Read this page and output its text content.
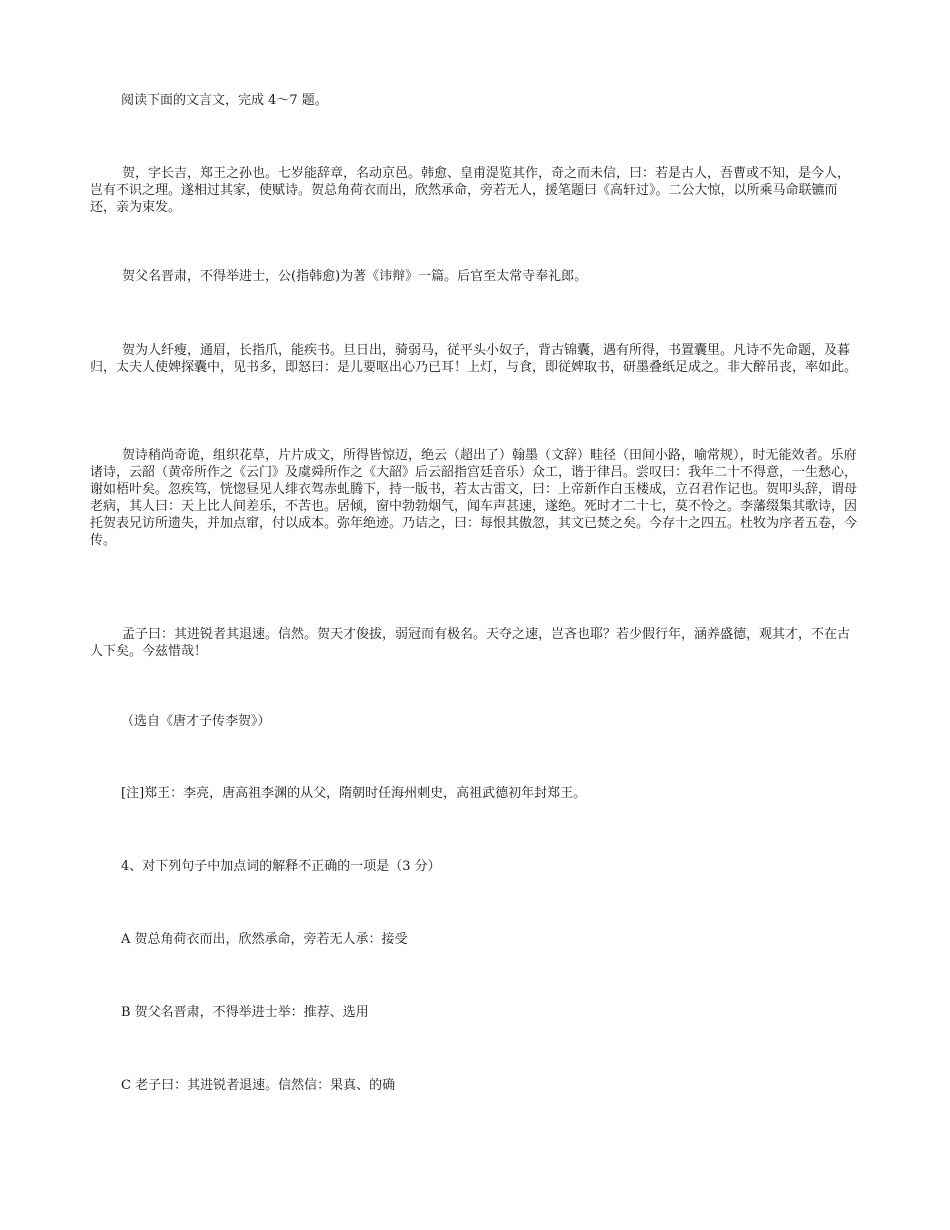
阅读下面的文言文，完成 4～7 题。

贺，字长吉，郑王之孙也。七岁能辞章，名动京邑。韩愈、皇甫湜览其作，奇之而未信，曰：若是古人，吾曹或不知，是今人，岂有不识之理。遂相过其家，使赋诗。贺总角荷衣而出，欣然承命，旁若无人，援笔题曰《高轩过》。二公大惊，以所乘马命联镳而还，亲为束发。

贺父名晋肃，不得举进士，公(指韩愈)为著《讳辩》一篇。后官至太常寺奉礼郎。

贺为人纤瘦，通眉，长指爪，能疾书。旦日出，骑弱马，従平头小奴子，背古锦囊，遇有所得，书置囊里。凡诗不先命题，及暮归，太夫人使婢探囊中，见书多，即怒曰：是儿要呕出心乃已耳！上灯，与食，即従婢取书，研墨叠纸足成之。非大醉吊丧，率如此。

贺诗稍尚奇诡，组织花草，片片成文，所得皆惊迈，绝云（超出了）翰墨（文辞）畦径（田间小路，喻常规），时无能效者。乐府诸诗，云韶（黄帝所作之《云门》及虞舜所作之《大韶》后云韶指宫廷音乐）众工，谐于律吕。尝叹曰：我年二十不得意，一生愁心，谢如梧叶矣。忽疾笃，恍惚昼见人绯衣驾赤虬腾下，持一版书，若太古雷文，曰：上帝新作白玉楼成，立召君作记也。贺叩头辞，谓母老病，其人曰：天上比人间差乐，不苦也。居倾，窗中勃勃烟气，闻车声甚速，遂绝。死时才二十七，莫不怜之。李藩缀集其歌诗，因托贺表兄访所遗失，并加点窜，付以成本。弥年绝迹。乃诘之，曰：每恨其傲忽，其文已焚之矣。今存十之四五。杜牧为序者五卷，今传。

孟子曰：其进锐者其退速。信然。贺天才俊拔，弱冠而有极名。天夺之速，岂吝也耶？若少假行年，涵养盛德，观其才，不在古人下矣。今兹惜哉！

（选自《唐才子传李贺》）

[注]郑王：李亮，唐高祖李渊的从父，隋朝时任海州刺史，高祖武德初年封郑王。

4、对下列句子中加点词的解释不正确的一项是（3 分）

A 贺总角荷衣而出，欣然承命，旁若无人承：接受

B 贺父名晋肃，不得举进士举：推荐、选用

C 老子曰：其进锐者退速。信然信：果真、的确
